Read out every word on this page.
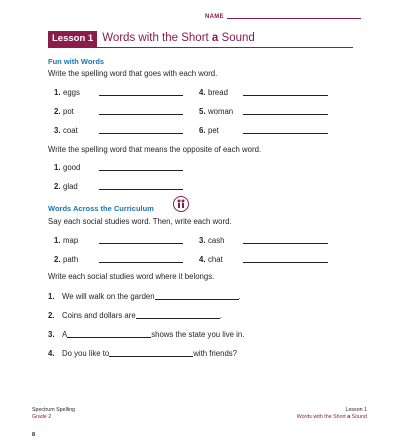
NAME
Lesson 1 Words with the Short a Sound
Fun with Words
Write the spelling word that goes with each word.
1. eggs	4. bread
2. pot	5. woman
3. coat	6. pet
Write the spelling word that means the opposite of each word.
1. good
2. glad
Words Across the Curriculum
Say each social studies word. Then, write each word.
1. map	3. cash
2. path	4. chat
Write each social studies word where it belongs.
1. We will walk on the garden	.
2. Coins and dollars are	.
3. A	shows the state you live in.
4. Do you like to	with friends?
Spectrum Spelling
Grade 2
Lesson 1
Words with the Short a Sound
8
